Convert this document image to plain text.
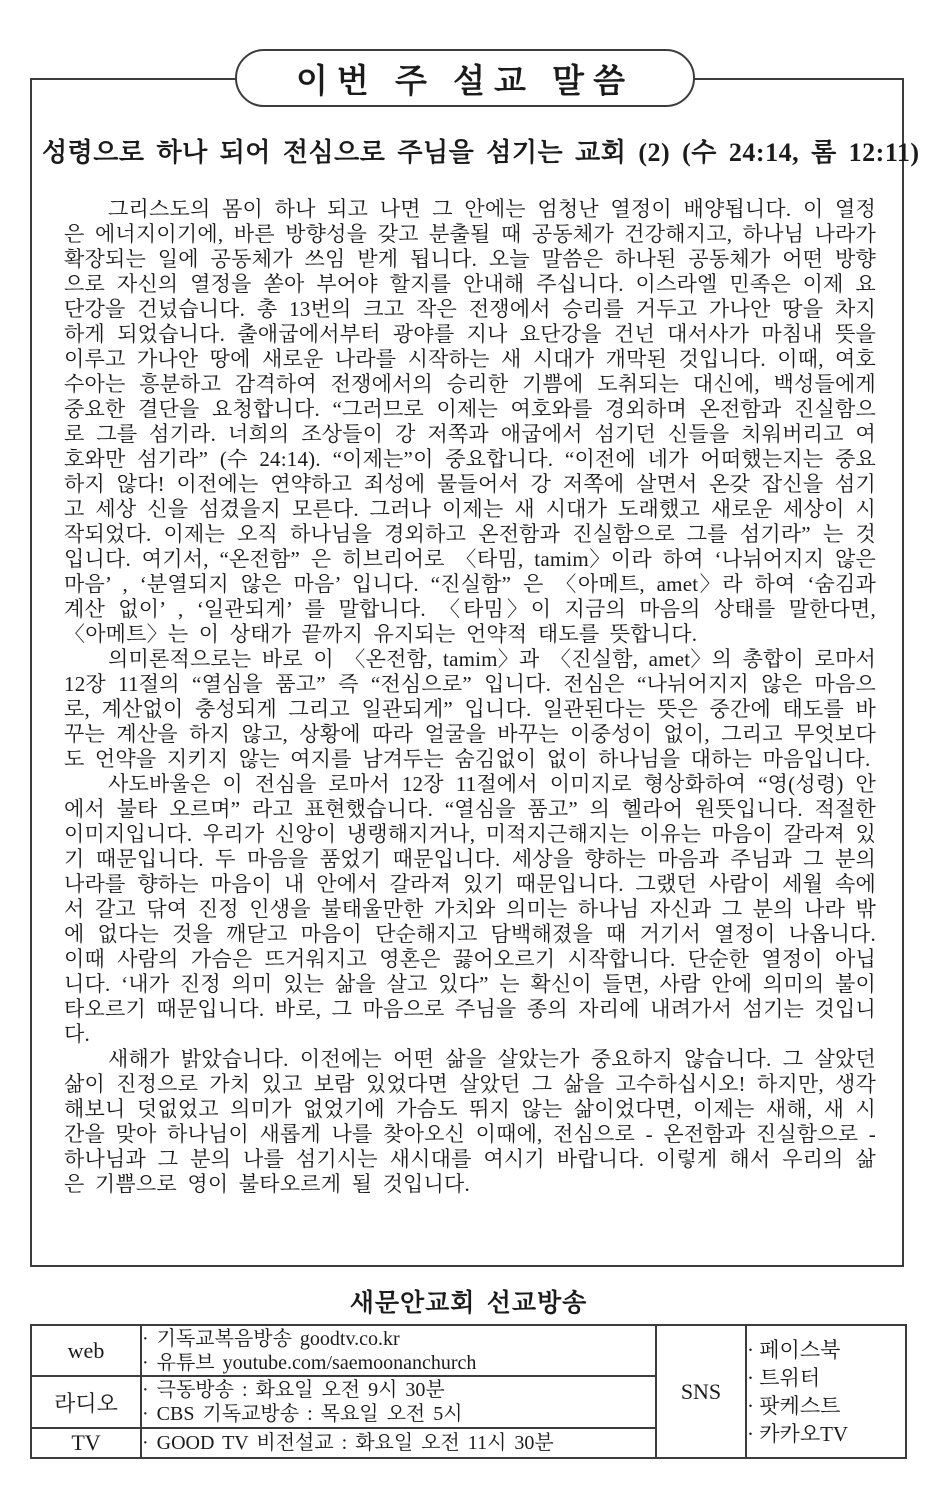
이번 주 설교 말씀
성령으로 하나 되어 전심으로 주님을 섬기는 교회 (2) (수 24:14, 롬 12:11)

그리스도의 몸이 하나 되고 나면 그 안에는 엄청난 열정이 배양됩니다. 이 열정은 에너지이기에, 바른 방향성을 갖고 분출될 때 공동체가 건강해지고, 하나님 나라가 확장되는 일에 공동체가 쓰임 받게 됩니다. 오늘 말씀은 하나된 공동체가 어떤 방향으로 자신의 열정을 쏟아 부어야 할지를 안내해 주십니다. 이스라엘 민족은 이제 요단강을 건넜습니다. 총 13번의 크고 작은 전쟁에서 승리를 거두고 가나안 땅을 차지하게 되었습니다. 출애굽에서부터 광야를 지나 요단강을 건넌 대서사가 마침내 뜻을 이루고 가나안 땅에 새로운 나라를 시작하는 새 시대가 개막된 것입니다. 이때, 여호수아는 흥분하고 감격하여 전쟁에서의 승리한 기쁨에 도취되는 대신에, 백성들에게 중요한 결단을 요청합니다. “그러므로 이제는 여호와를 경외하며 온전함과 진실함으로 그를 섬기라. 너희의 조상들이 강 저쪽과 애굽에서 섬기던 신들을 치워버리고 여호와만 섬기라” (수 24:14). “이제는”이 중요합니다. “이전에 네가 어떠했는지는 중요하지 않다! 이전에는 연약하고 죄성에 물들어서 강 저쪽에 살면서 온갖 잡신을 섬기고 세상 신을 섬겼을지 모른다. 그러나 이제는 새 시대가 도래했고 새로운 세상이 시작되었다. 이제는 오직 하나님을 경외하고 온전함과 진실함으로 그를 섬기라” 는 것입니다. 여기서, “온전함” 은 히브리어로 〈타밈, tamim〉이라 하여 ‘나뉘어지지 않은 마음’ , ‘분열되지 않은 마음’ 입니다. “진실함” 은 〈아메트, amet〉라 하여 ‘숨김과 계산 없이’ , ‘일관되게’ 를 말합니다. 〈타밈〉이 지금의 마음의 상태를 말한다면, 〈아메트〉는 이 상태가 끝까지 유지되는 언약적 태도를 뜻합니다.

의미론적으로는 바로 이 〈온전함, tamim〉과 〈진실함, amet〉의 총합이 로마서 12장 11절의 “열심을 품고” 즉 “전심으로” 입니다. 전심은 “나뉘어지지 않은 마음으로, 계산없이 충성되게 그리고 일관되게” 입니다. 일관된다는 뜻은 중간에 태도를 바꾸는 계산을 하지 않고, 상황에 따라 얼굴을 바꾸는 이중성이 없이, 그리고 무엇보다도 언약을 지키지 않는 여지를 남겨두는 숨김없이 없이 하나님을 대하는 마음입니다.

사도바울은 이 전심을 로마서 12장 11절에서 이미지로 형상화하여 “영(성령) 안에서 불타 오르며” 라고 표현했습니다. “열심을 품고” 의 헬라어 원뜻입니다. 적절한 이미지입니다. 우리가 신앙이 냉랭해지거나, 미적지근해지는 이유는 마음이 갈라져 있기 때문입니다. 두 마음을 품었기 때문입니다. 세상을 향하는 마음과 주님과 그 분의 나라를 향하는 마음이 내 안에서 갈라져 있기 때문입니다. 그랬던 사람이 세월 속에서 갈고 닦여 진정 인생을 불태울만한 가치와 의미는 하나님 자신과 그 분의 나라 밖에 없다는 것을 깨닫고 마음이 단순해지고 담백해졌을 때 거기서 열정이 나옵니다. 이때 사람의 가슴은 뜨거워지고 영혼은 끓어오르기 시작합니다. 단순한 열정이 아닙니다. ‘내가 진정 의미 있는 삶을 살고 있다” 는 확신이 들면, 사람 안에 의미의 불이 타오르기 때문입니다. 바로, 그 마음으로 주님을 종의 자리에 내려가서 섬기는 것입니다.

새해가 밝았습니다. 이전에는 어떤 삶을 살았는가 중요하지 않습니다. 그 살았던 삶이 진정으로 가치 있고 보람 있었다면 살았던 그 삶을 고수하십시오! 하지만, 생각해보니 덧없었고 의미가 없었기에 가슴도 뛰지 않는 삶이었다면, 이제는 새해, 새 시간을 맞아 하나님이 새롭게 나를 찾아오신 이때에, 전심으로 - 온전함과 진실함으로 - 하나님과 그 분의 나를 섬기시는 새시대를 여시기 바랍니다. 이렇게 해서 우리의 삶은 기쁨으로 영이 불타오르게 될 것입니다.

새문안교회 선교방송
web	· 기독교복음방송 goodtv.co.kr
· 유튜브 youtube.com/saemoonanchurch
	SNS	
· 페이스북
· 트위터
· 팟케스트
· 카카오TV

라디오	· 극동방송 : 화요일 오전 9시 30분
· CBS 기독교방송 : 목요일 오전 5시		

TV	· GOOD TV 비전설교 : 화요일 오전 11시 30분		
